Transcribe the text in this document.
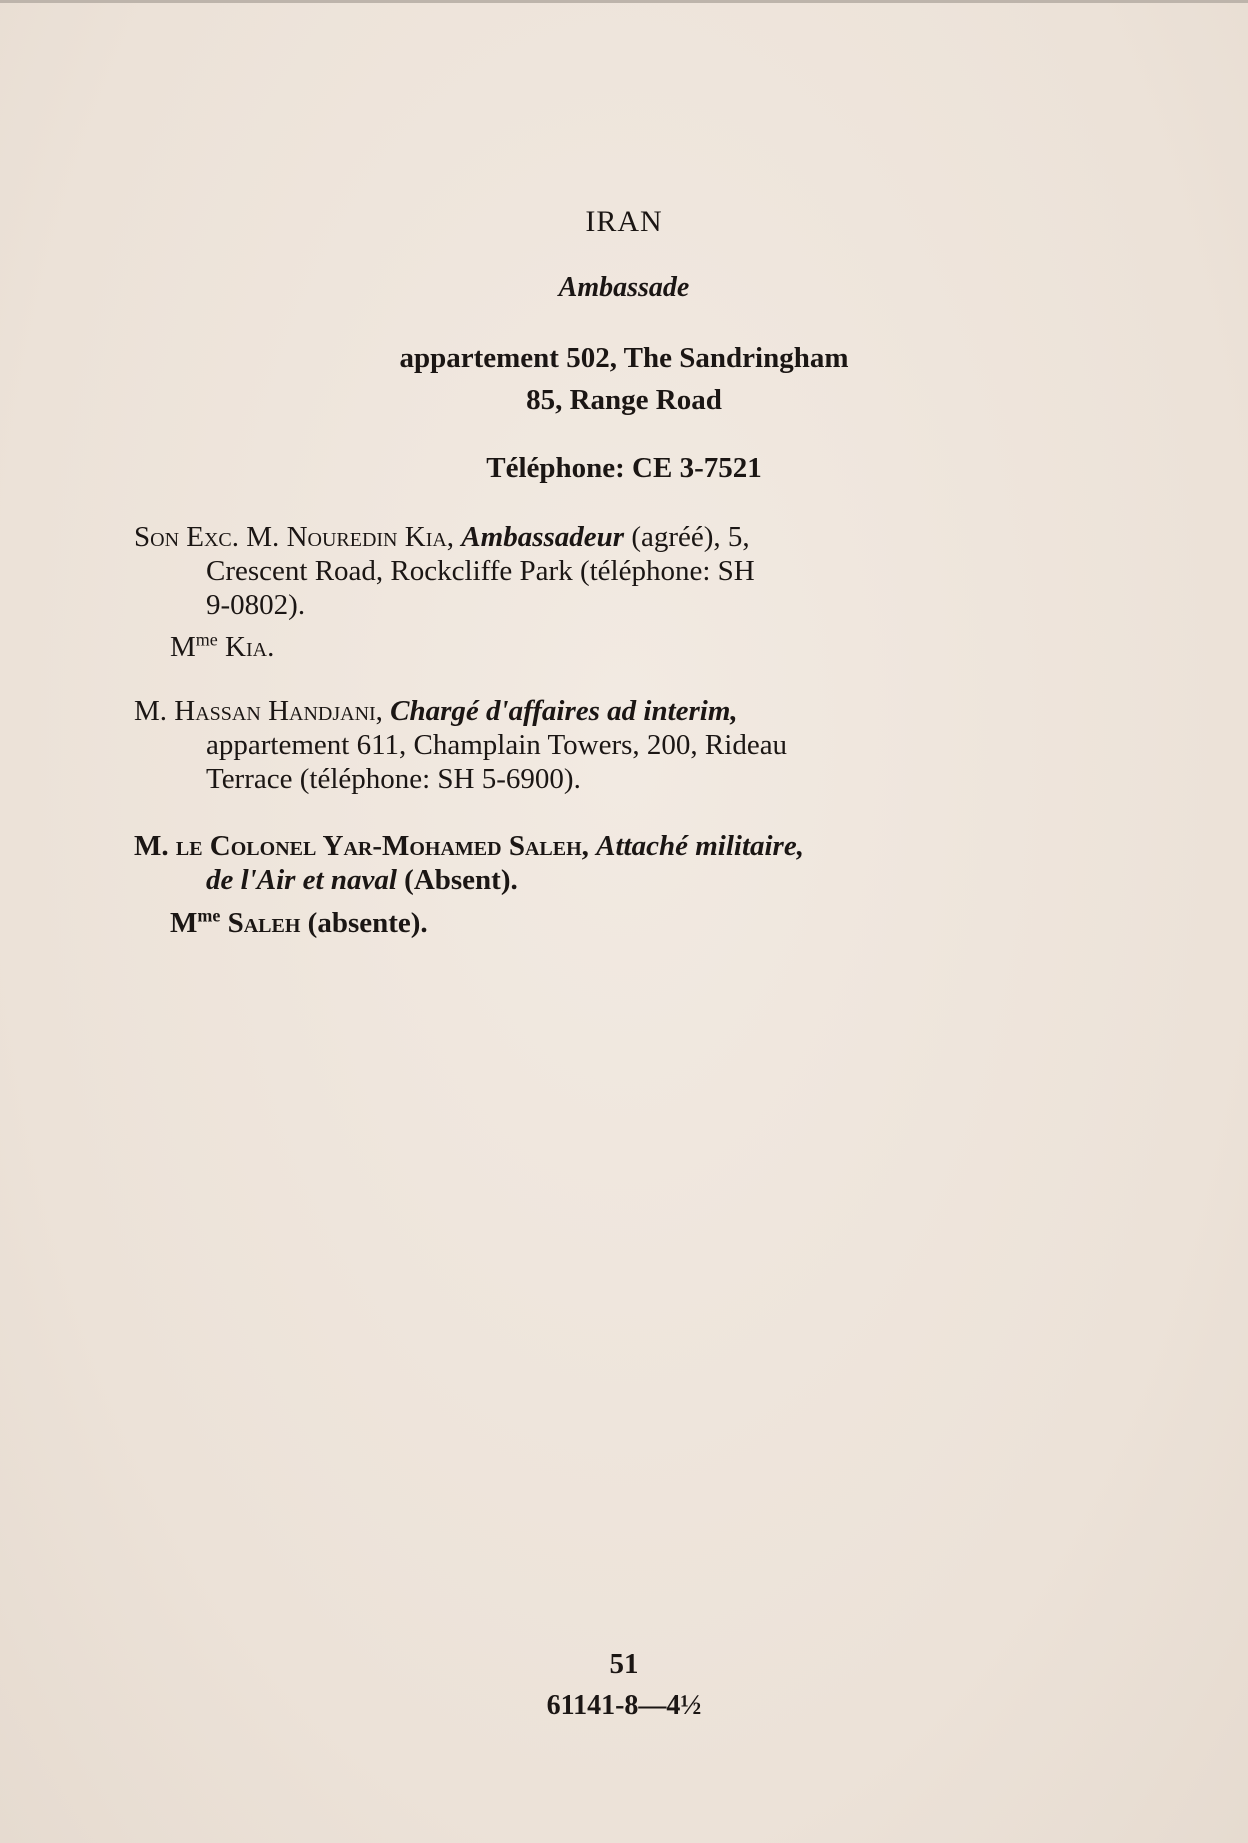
IRAN
Ambassade
appartement 502, The Sandringham
85, Range Road
Téléphone: CE 3-7521
Son Exc. M. Nouredin Kia, Ambassadeur (agréé), 5,
Crescent Road, Rockcliffe Park (téléphone: SH
9-0802).
$M^{me}$ Kia.
M. Hassan Handjani, Chargé d'affaires ad interim,
appartement 611, Champlain Towers, 200, Rideau
Terrace (téléphone: SH 5-6900).
M. le Colonel Yar-Mohamed Saleh, Attaché militaire,
de l'Air et naval (Absent).
$M^{me}$ Saleh (absente).
51
61141-8—4½
